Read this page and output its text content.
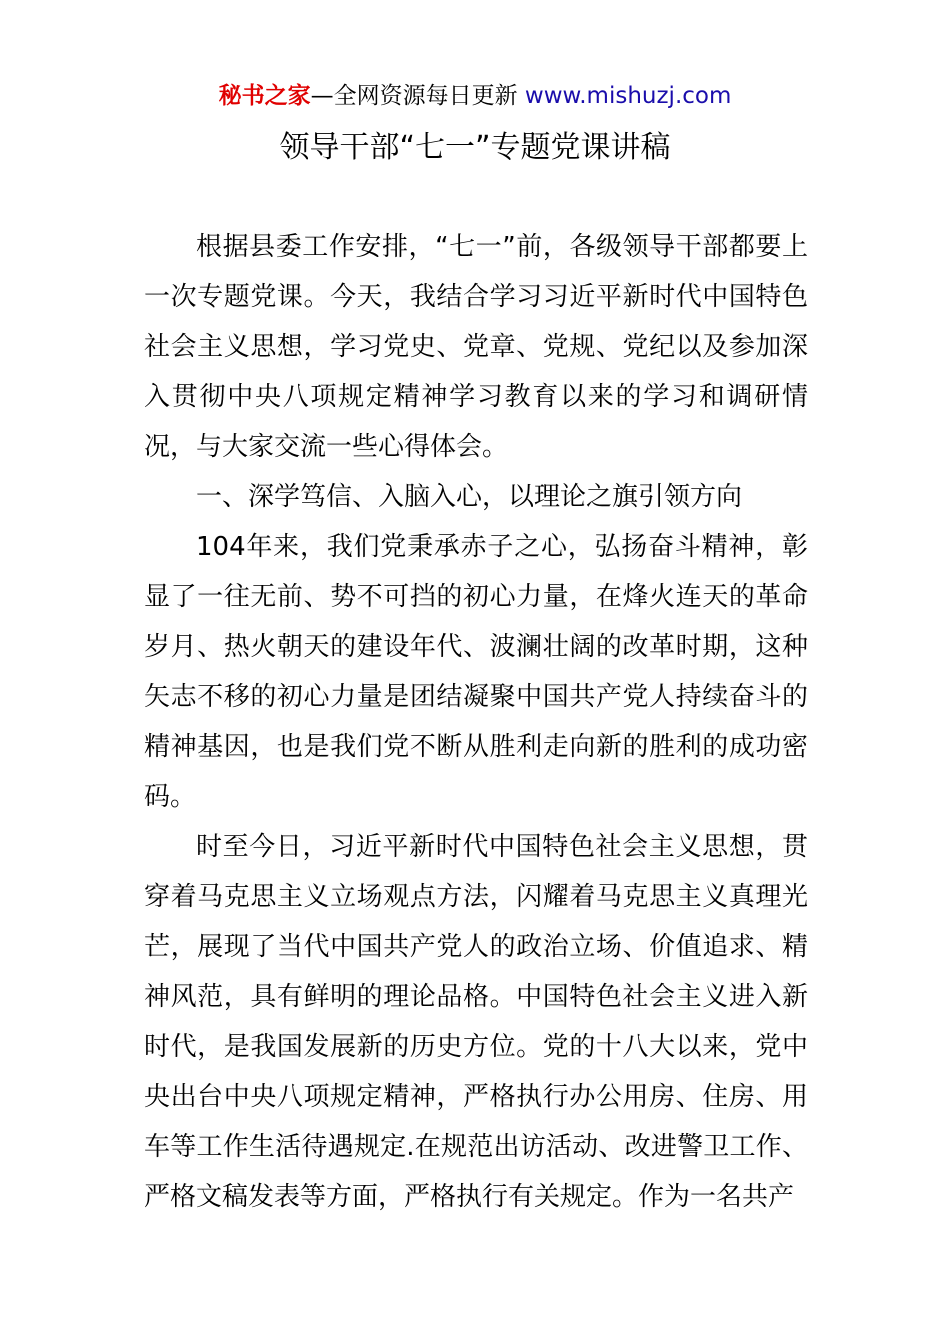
秘书之家—全网资源每日更新 www.mishuzj.com
领导干部“七一”专题党课讲稿

根据县委工作安排，“七一”前，各级领导干部都要上一次专题党课。今天，我结合学习习近平新时代中国特色社会主义思想，学习党史、党章、党规、党纪以及参加深入贯彻中央八项规定精神学习教育以来的学习和调研情况，与大家交流一些心得体会。

一、深学笃信、入脑入心，以理论之旗引领方向

104年来，我们党秉承赤子之心，弘扬奋斗精神，彰显了一往无前、势不可挡的初心力量，在烽火连天的革命岁月、热火朝天的建设年代、波澜壮阔的改革时期，这种矢志不移的初心力量是团结凝聚中国共产党人持续奋斗的精神基因，也是我们党不断从胜利走向新的胜利的成功密码。

时至今日，习近平新时代中国特色社会主义思想，贯穿着马克思主义立场观点方法，闪耀着马克思主义真理光芒，展现了当代中国共产党人的政治立场、价值追求、精神风范，具有鲜明的理论品格。中国特色社会主义进入新时代，是我国发展新的历史方位。党的十八大以来，党中央出台中央八项规定精神，严格执行办公用房、住房、用车等工作生活待遇规定.在规范出访活动、改进警卫工作、严格文稿发表等方面，严格执行有关规定。作为一名共产
